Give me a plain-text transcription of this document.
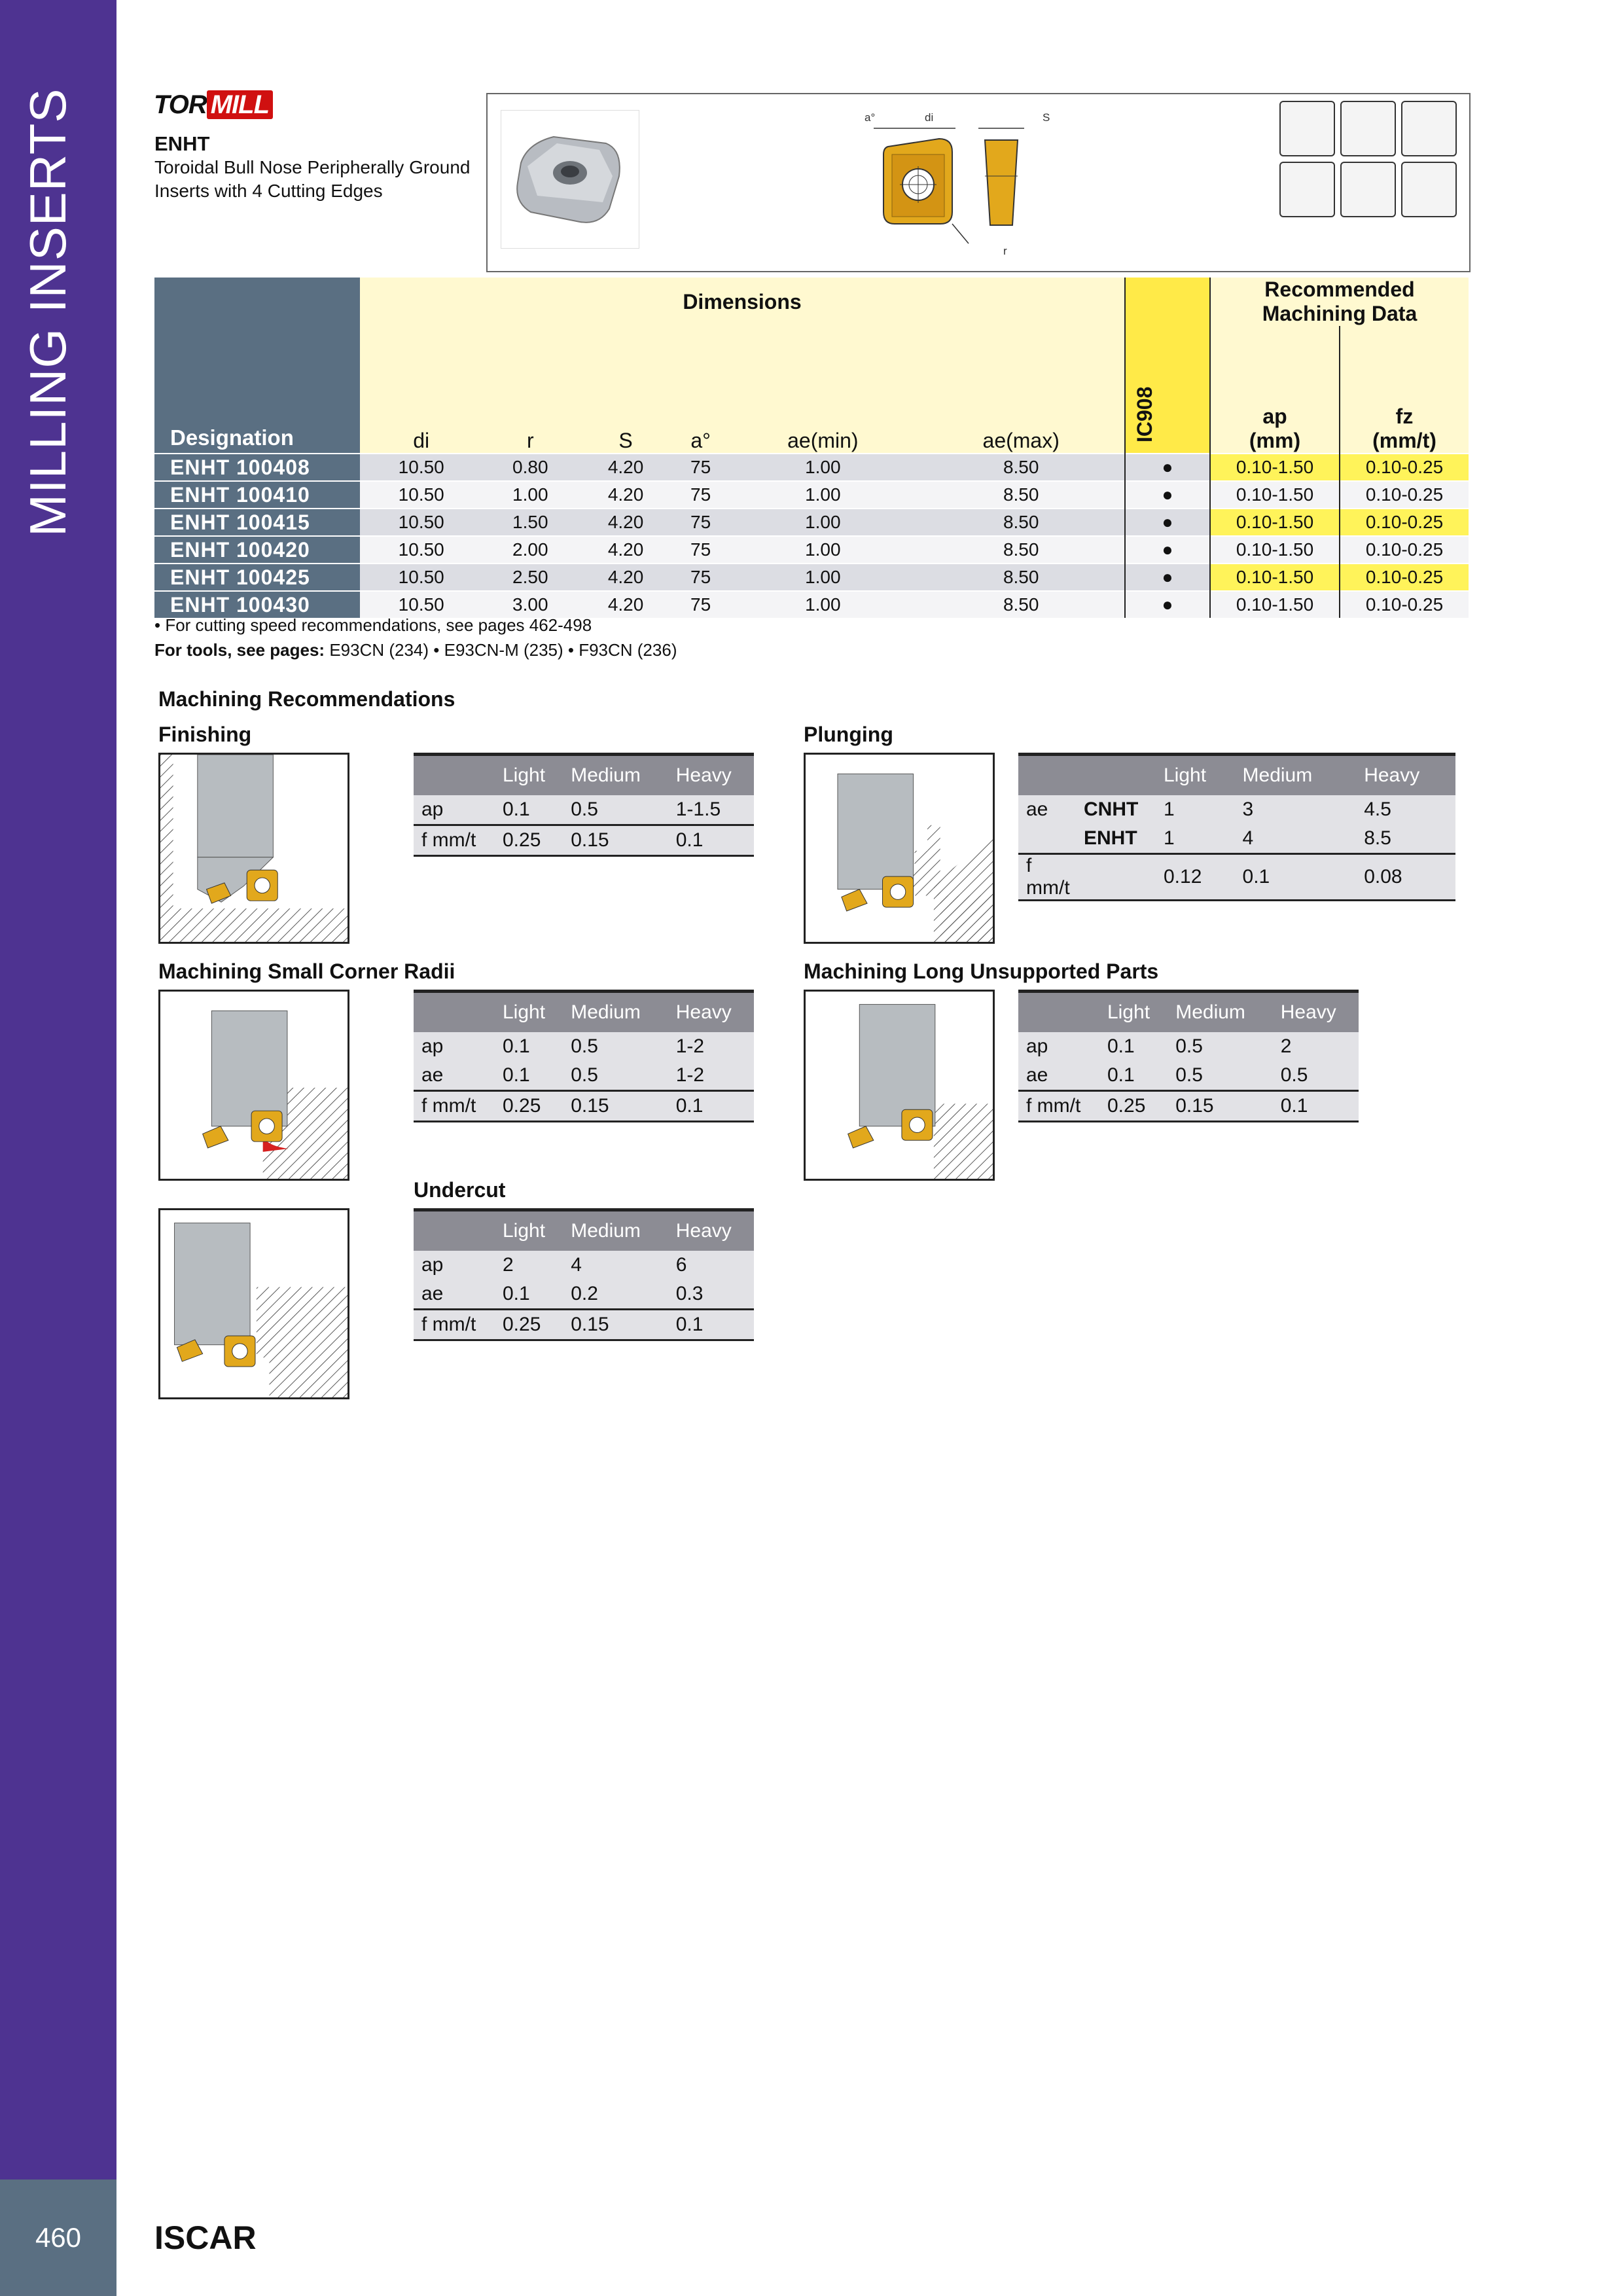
MILLING INSERTS
460	ISCAR
TOR MILL
ENHT
Toroidal Bull Nose Peripherally Ground Inserts with 4 Cutting Edges
a°	di	S
r
Designation	Dimensions						IC908	Recommended Machining Data	
	di	r	S	a°	ae(min)	ae(max)		ap
(mm)	fz
(mm/t)
ENHT 100408	10.50	0.80	4.20	75	1.00	8.50	●	0.10-1.50	0.10-0.25
ENHT 100410	10.50	1.00	4.20	75	1.00	8.50	●	0.10-1.50	0.10-0.25
ENHT 100415	10.50	1.50	4.20	75	1.00	8.50	●	0.10-1.50	0.10-0.25
ENHT 100420	10.50	2.00	4.20	75	1.00	8.50	●	0.10-1.50	0.10-0.25
ENHT 100425	10.50	2.50	4.20	75	1.00	8.50	●	0.10-1.50	0.10-0.25
ENHT 100430	10.50	3.00	4.20	75	1.00	8.50	●	0.10-1.50	0.10-0.25
• For cutting speed recommendations, see pages 462-498
For tools, see pages: E93CN (234) • E93CN-M (235) • F93CN (236)
Machining Recommendations
Finishing
	Light	Medium	Heavy
ap	0.1	0.5	1-1.5
f mm/t	0.25	0.15	0.1
Plunging
		Light	Medium	Heavy
ae	CNHT	1	3	4.5
	ENHT	1	4	8.5
f mm/t		0.12	0.1	0.08
Machining Small Corner Radii
	Light	Medium	Heavy
ap	0.1	0.5	1-2
ae	0.1	0.5	1-2
f mm/t	0.25	0.15	0.1
Machining Long Unsupported Parts
	Light	Medium	Heavy
ap	0.1	0.5	2
ae	0.1	0.5	0.5
f mm/t	0.25	0.15	0.1
Undercut
	Light	Medium	Heavy
ap	2	4	6
ae	0.1	0.2	0.3
f mm/t	0.25	0.15	0.1
